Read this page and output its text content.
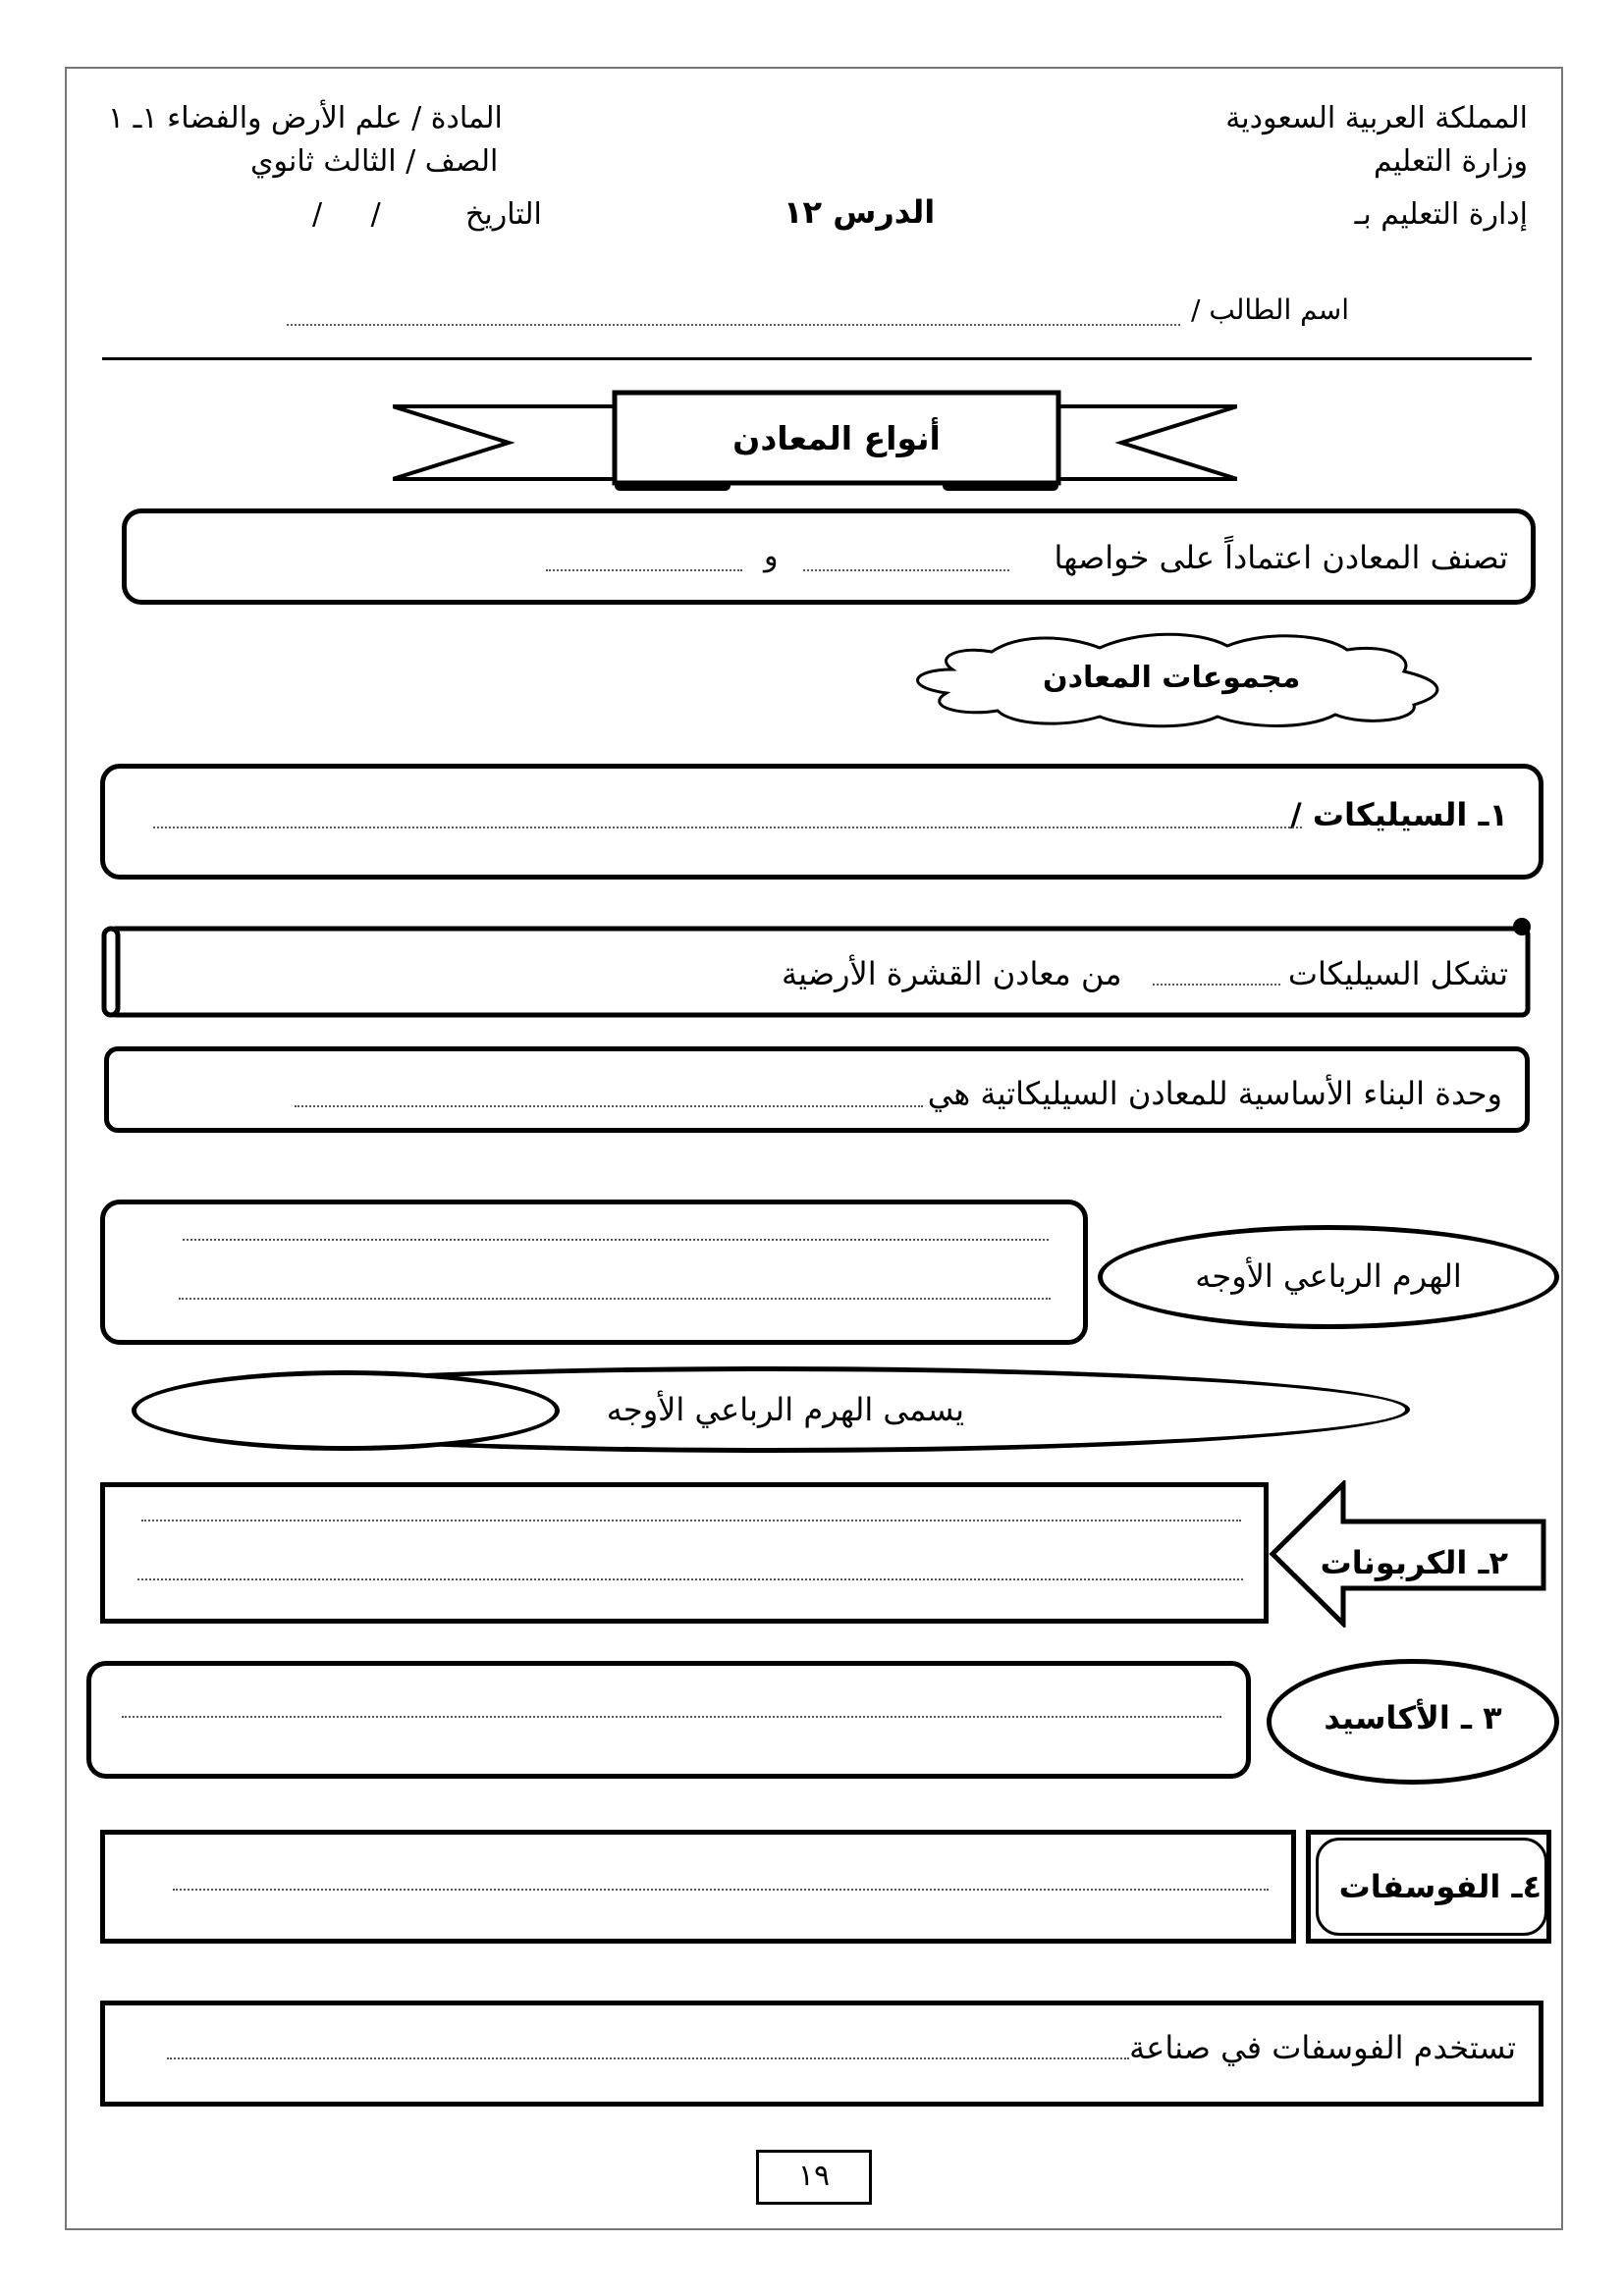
المملكة العربية السعودية
وزارة التعليم
إدارة التعليم بـ
المادة / علم الأرض والفضاء ١ـ ١
الصف / الثالث ثانوي
التاريخ
/ /	الدرس ١٢
اسم الطالب /
أنواع المعادن
تصنف المعادن اعتماداً على خواصها
و
مجموعات المعادن
١ـ السيليكات /
تشكل السيليكات
من معادن القشرة الأرضية
وحدة البناء الأساسية للمعادن السيليكاتية هي
الهرم الرباعي الأوجه
يسمى الهرم الرباعي الأوجه
٢ـ الكربونات
٣ ـ الأكاسيد
٤ـ الفوسفات
تستخدم الفوسفات في صناعة
١٩
